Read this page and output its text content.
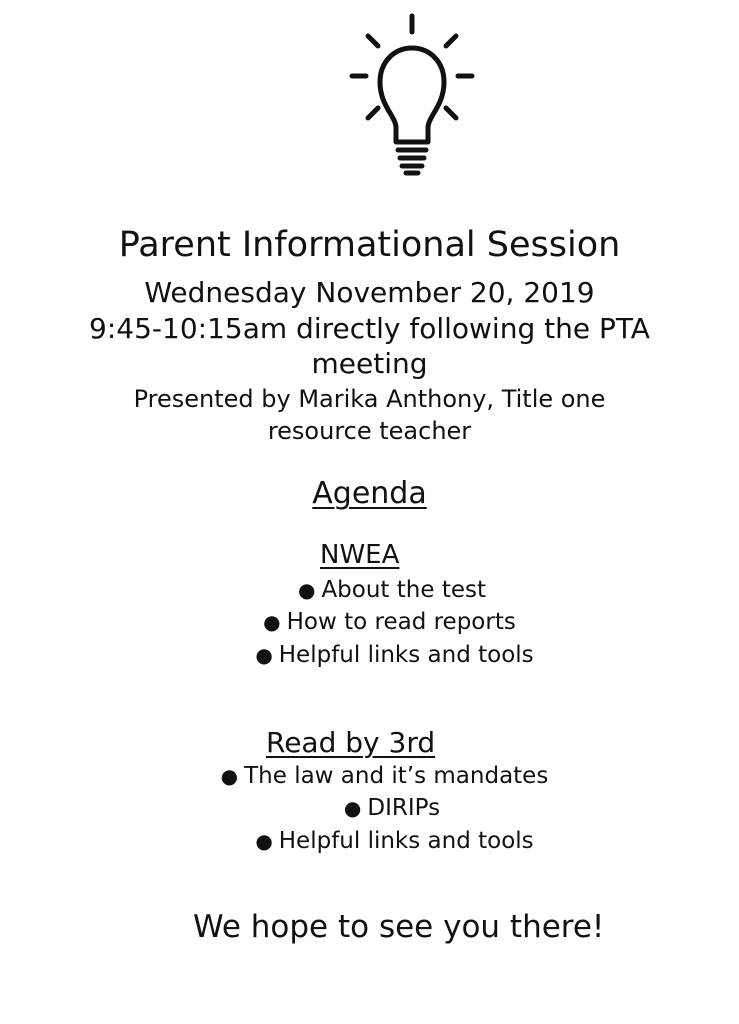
Parent Informational Session
Wednesday November 20, 2019
9:45-10:15am directly following the PTA
meeting
Presented by Marika Anthony, Title one
resource teacher
Agenda
NWEA
● About the test
● How to read reports
● Helpful links and tools
Read by 3rd
● The law and it’s mandates
● DIRIPs
● Helpful links and tools
We hope to see you there!
